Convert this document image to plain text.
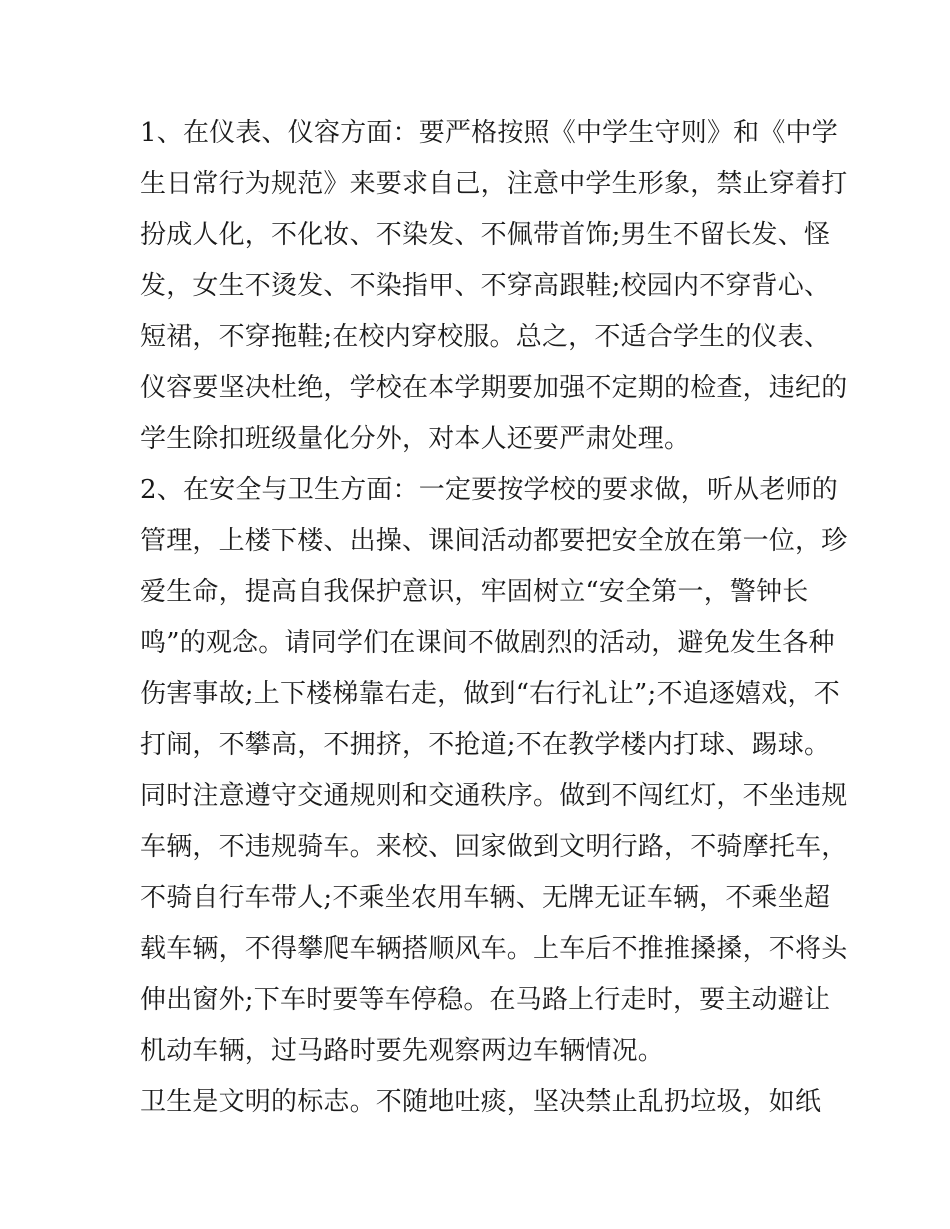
1、在仪表、仪容方面：要严格按照《中学生守则》和《中学
生日常行为规范》来要求自己，注意中学生形象，禁止穿着打
扮成人化，不化妆、不染发、不佩带首饰;男生不留长发、怪
发，女生不烫发、不染指甲、不穿高跟鞋;校园内不穿背心、
短裙，不穿拖鞋;在校内穿校服。总之，不适合学生的仪表、
仪容要坚决杜绝，学校在本学期要加强不定期的检查，违纪的
学生除扣班级量化分外，对本人还要严肃处理。
2、在安全与卫生方面：一定要按学校的要求做，听从老师的
管理，上楼下楼、出操、课间活动都要把安全放在第一位，珍
爱生命，提高自我保护意识，牢固树立“安全第一，警钟长
鸣”的观念。请同学们在课间不做剧烈的活动，避免发生各种
伤害事故;上下楼梯靠右走，做到“右行礼让”;不追逐嬉戏，不
打闹，不攀高，不拥挤，不抢道;不在教学楼内打球、踢球。
同时注意遵守交通规则和交通秩序。做到不闯红灯，不坐违规
车辆，不违规骑车。来校、回家做到文明行路，不骑摩托车，
不骑自行车带人;不乘坐农用车辆、无牌无证车辆，不乘坐超
载车辆，不得攀爬车辆搭顺风车。上车后不推推搡搡，不将头
伸出窗外;下车时要等车停稳。在马路上行走时，要主动避让
机动车辆，过马路时要先观察两边车辆情况。
卫生是文明的标志。不随地吐痰，坚决禁止乱扔垃圾，如纸
